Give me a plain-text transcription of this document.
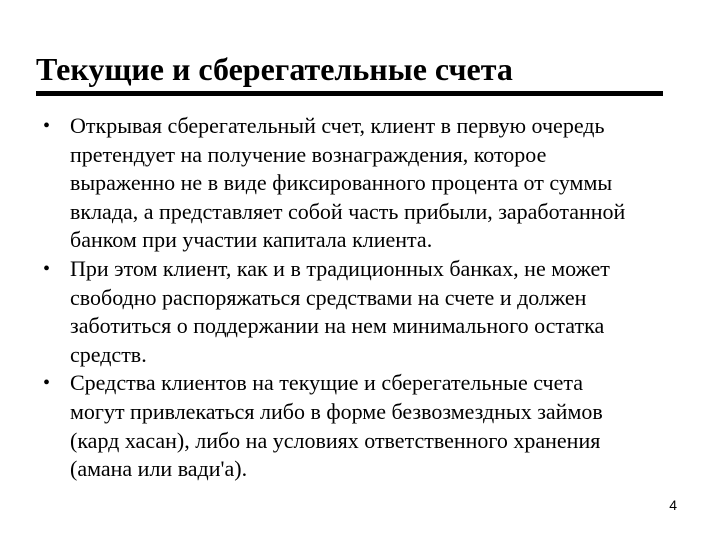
Текущие и сберегательные счета
• Открывая сберегательный счет, клиент в первую очередь
претендует на получение вознаграждения, которое
выраженно не в виде фиксированного процента от суммы
вклада, а представляет собой часть прибыли, заработанной
банком при участии капитала клиента.
• При этом клиент, как и в традиционных банках, не может
свободно распоряжаться средствами на счете и должен
заботиться о поддержании на нем минимального остатка
средств.
• Средства клиентов на текущие и сберегательные счета
могут привлекаться либо в форме безвозмездных займов
(кард хасан), либо на условиях ответственного хранения
(амана или вади'а).
4
